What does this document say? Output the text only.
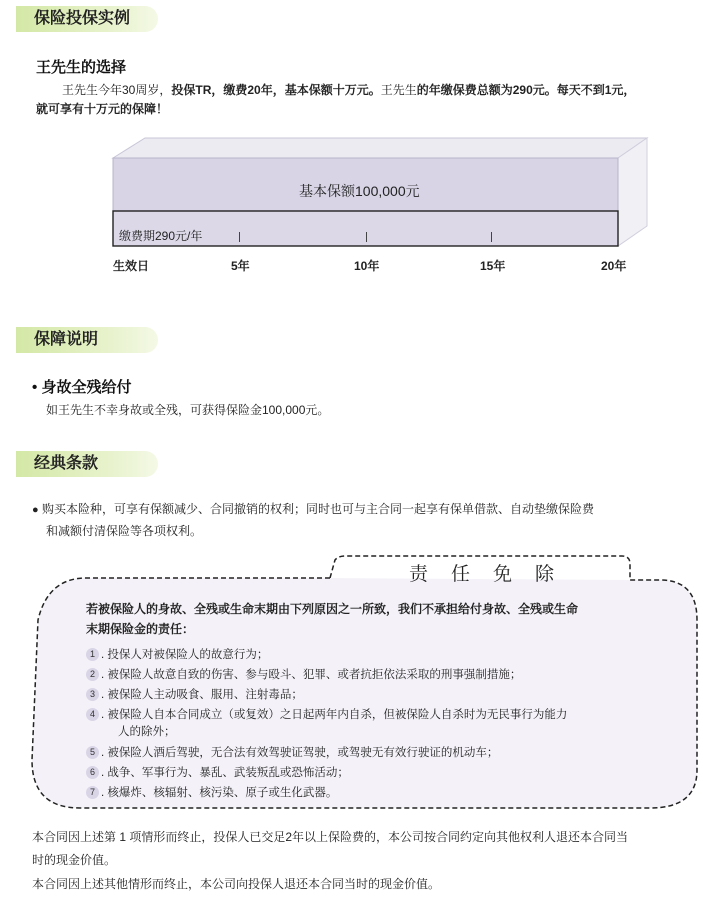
保险投保实例
王先生的选择
王先生今年30周岁，投保TR，缴费20年，基本保额十万元。王先生的年缴保费总额为290元。每天不到1元，
就可享有十万元的保障！
基本保额100,000元
缴费期290元/年
生效日	5年	10年	15年	20年
保障说明
• 身故全残给付
如王先生不幸身故或全残，可获得保险金100,000元。
经典条款
● 购买本险种，可享有保额减少、合同撤销的权利；同时也可与主合同一起享有保单借款、自动垫缴保险费
和减额付清保险等各项权利。
责　任　免　除
若被保险人的身故、全残或生命末期由下列原因之一所致，我们不承担给付身故、全残或生命
末期保险金的责任：
1 . 投保人对被保险人的故意行为；
2 . 被保险人故意自致的伤害、参与殴斗、犯罪、或者抗拒依法采取的刑事强制措施；
3 . 被保险人主动吸食、服用、注射毒品；
4 . 被保险人自本合同成立（或复效）之日起两年内自杀，但被保险人自杀时为无民事行为能力
人的除外；
5 . 被保险人酒后驾驶，无合法有效驾驶证驾驶，或驾驶无有效行驶证的机动车；
6 . 战争、军事行为、暴乱、武装叛乱或恐怖活动；
7 . 核爆炸、核辐射、核污染、原子或生化武器。
本合同因上述第 1 项情形而终止，投保人已交足2年以上保险费的，本公司按合同约定向其他权利人退还本合同当
时的现金价值。
本合同因上述其他情形而终止，本公司向投保人退还本合同当时的现金价值。
